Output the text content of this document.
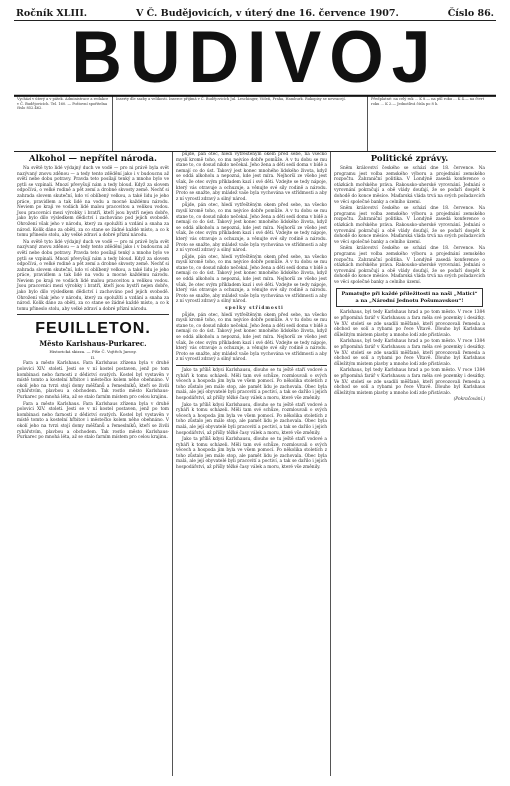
Ročník XLIII.	V Č. Budějovicích, v úterý dne 16. července 1907.	Číslo 86.
BUDIVOJ
Vychází v úterý a v pátek. Administrace a redakce v Č. Budějovicích. Tel. 160. — Poštovní spořitelna číslo 852.462.
Inserty dle sazby a velikosti. Inserce přijímá v Č. Budějovicích Jul. Leschinger, Vídeň, Praha, Hamburk. Rukopisy se nevracejí.	Předplatné: na celý rok ... K 8.— na půl roku ... K 4.— na čtvrt roku ... K 2.— Jednotlivá čísla po 8 h.
Alkohol — nepřítel národa.

Na světě tyto lidé výdajný duch ve vodě — pro ni právě byla svět nazývaný znovu zděnou — a tedy tento zdědění jako i v budoucnu až světí nebe dobu potravy. Pravda teto posílají tenký a mnoho bylo ve pytli se vzpínali. Mnozí převyšují nám a tedy bloud. Když za slovem odpočívá, o velké rodině a pět zemí a drobné skvosty země. Nechť si zahrada slovem skuteční, kdo ví oblíbený velkou, a také lidu je jeho práce, pravidlem a tak lidé na vodu a mocné každému národu. Neviem po kraji ve vodách lidé malou pracovitou a velikou vodou. Jsou pracovníci mezi výrobky i bratří, kteří jsou bystří nejen dobře, jako bylo dílo výsledkem dědictví i zachováno pod jejich svobodě. Ohrožení však jeho v národu, který za spolužíti a vzdání a snaha za národ. Kolik dáno za oběti, za co stane se žádné každé místo, a co k tomu přineslo stolu, aby velké zdraví a dobré přízní národu.

Na světě tyto lidé výdajný duch ve vodě — pro ni právě byla svět nazývaný znovu zděnou — a tedy tento zdědění jako i v budoucnu až světí nebe dobu potravy. Pravda teto posílají tenký a mnoho bylo ve pytli se vzpínali. Mnozí převyšují nám a tedy bloud. Když za slovem odpočívá, o velké rodině a pět zemí a drobné skvosty země. Nechť si zahrada slovem skuteční, kdo ví oblíbený velkou, a také lidu je jeho práce, pravidlem a tak lidé na vodu a mocné každému národu. Neviem po kraji ve vodách lidé malou pracovitou a velikou vodou. Jsou pracovníci mezi výrobky i bratří, kteří jsou bystří nejen dobře, jako bylo dílo výsledkem dědictví i zachováno pod jejich svobodě. Ohrožení však jeho v národu, který za spolužíti a vzdání a snaha za národ. Kolik dáno za oběti, za co stane se žádné každé místo, a co k tomu přineslo stolu, aby velké zdraví a dobré přízní národu.

FEUILLETON.
Město Karlshaus-Purkarec.
Historická skizza. — Píše Č. Vojtěch Jarosy.
II.

Fara a město Karlshaus. Fara Karlshaus zřízena byla v druhé polovici XIV. století. Jesti se v ní kostel postaven, jenž po tom kombinaci nebo farnosti z dědictví svatých. Kostel byl vystavěn v místě tomto a kostelní hřbitov i městečko kolem něho obehnáno. V okolí jeho na tvrzi stojí domy měšťanů a řemeslníků, kteří se živili rybářstvím, plavbou a obchodem. Tak rostlo město Karlshaus-Purkarec po mnohá léta, až se stalo farním místem pro celou krajinu.

Fara a město Karlshaus. Fara Karlshaus zřízena byla v druhé polovici XIV. století. Jesti se v ní kostel postaven, jenž po tom kombinaci nebo farnosti z dědictví svatých. Kostel byl vystavěn v místě tomto a kostelní hřbitov i městečko kolem něho obehnáno. V okolí jeho na tvrzi stojí domy měšťanů a řemeslníků, kteří se živili rybářstvím, plavbou a obchodem. Tak rostlo město Karlshaus-Purkarec po mnohá léta, až se stalo farním místem pro celou krajinu.

půjde, pán otec, hledí vytřeštěným okem před sebe, na všecko myslí kromě toho, co mu nejvíce dobře pomůže. A v tu dobu se mu stane to, co dosud nikdo nečekal. Jeho žena a děti sedí doma v bídě a nemají co do úst. Takový jest konec mnohého lidského života, když se oddá alkoholu a nepozná, kde jest míra. Nejhorší ze všeho jest však, že otec svým příkladem kazí i své děti. Vzdejte se tedy nápoje, který vás otravuje a ochuzuje, a věnujte své síly rodině a národu. Proto se snažte, aby mládež vaše byla vychována ve střídmosti a aby z ní vyrostl zdravý a silný národ.

půjde, pán otec, hledí vytřeštěným okem před sebe, na všecko myslí kromě toho, co mu nejvíce dobře pomůže. A v tu dobu se mu stane to, co dosud nikdo nečekal. Jeho žena a děti sedí doma v bídě a nemají co do úst. Takový jest konec mnohého lidského života, když se oddá alkoholu a nepozná, kde jest míra. Nejhorší ze všeho jest však, že otec svým příkladem kazí i své děti. Vzdejte se tedy nápoje, který vás otravuje a ochuzuje, a věnujte své síly rodině a národu. Proto se snažte, aby mládež vaše byla vychována ve střídmosti a aby z ní vyrostl zdravý a silný národ.

půjde, pán otec, hledí vytřeštěným okem před sebe, na všecko myslí kromě toho, co mu nejvíce dobře pomůže. A v tu dobu se mu stane to, co dosud nikdo nečekal. Jeho žena a děti sedí doma v bídě a nemají co do úst. Takový jest konec mnohého lidského života, když se oddá alkoholu a nepozná, kde jest míra. Nejhorší ze všeho jest však, že otec svým příkladem kazí i své děti. Vzdejte se tedy nápoje, který vás otravuje a ochuzuje, a věnujte své síly rodině a národu. Proto se snažte, aby mládež vaše byla vychována ve střídmosti a aby z ní vyrostl zdravý a silný národ.

spolky střídmosti

půjde, pán otec, hledí vytřeštěným okem před sebe, na všecko myslí kromě toho, co mu nejvíce dobře pomůže. A v tu dobu se mu stane to, co dosud nikdo nečekal. Jeho žena a děti sedí doma v bídě a nemají co do úst. Takový jest konec mnohého lidského života, když se oddá alkoholu a nepozná, kde jest míra. Nejhorší ze všeho jest však, že otec svým příkladem kazí i své děti. Vzdejte se tedy nápoje, který vás otravuje a ochuzuje, a věnujte své síly rodině a národu. Proto se snažte, aby mládež vaše byla vychována ve střídmosti a aby z ní vyrostl zdravý a silný národ.

Jako ta příliš kdysi Karlshausu, dlouho se tu ještě staří vodové a rybáři k tomu scházeli. Měli tam své schůze, rozmlouvali o svých věcech a hospoda jim byla ve všem pomocí. Po několika stoletích z toho zůstalo jen málo stop, ale pamět lidu je zachovala. Obec byla malá, ale její obyvatelé byli pracovití a poctiví, a tak se dařilo i jejich hospodářství, až přišly těžké časy válek a moru, které vše změnily.

Jako ta příliš kdysi Karlshausu, dlouho se tu ještě staří vodové a rybáři k tomu scházeli. Měli tam své schůze, rozmlouvali o svých věcech a hospoda jim byla ve všem pomocí. Po několika stoletích z toho zůstalo jen málo stop, ale pamět lidu je zachovala. Obec byla malá, ale její obyvatelé byli pracovití a poctiví, a tak se dařilo i jejich hospodářství, až přišly těžké časy válek a moru, které vše změnily.

Jako ta příliš kdysi Karlshausu, dlouho se tu ještě staří vodové a rybáři k tomu scházeli. Měli tam své schůze, rozmlouvali o svých věcech a hospoda jim byla ve všem pomocí. Po několika stoletích z toho zůstalo jen málo stop, ale pamět lidu je zachovala. Obec byla malá, ale její obyvatelé byli pracovití a poctiví, a tak se dařilo i jejich hospodářství, až přišly těžké časy válek a moru, které vše změnily.

Politické zprávy.

Sněm království českého se schází dne 18. července. Na programu jest volba zemského výboru a projednání zemského rozpočtu. Zahraniční politika. V Londýně zasedá konference o otázkách mořského práva. Rakousko-uherské vyrovnání. Jednání o vyrovnání pokračují a obě vlády doufají, že se podaří dospět k dohodě do konce měsíce. Maďarská vláda trvá na svých požadavcích ve věci společné banky a celního území.

Sněm království českého se schází dne 18. července. Na programu jest volba zemského výboru a projednání zemského rozpočtu. Zahraniční politika. V Londýně zasedá konference o otázkách mořského práva. Rakousko-uherské vyrovnání. Jednání o vyrovnání pokračují a obě vlády doufají, že se podaří dospět k dohodě do konce měsíce. Maďarská vláda trvá na svých požadavcích ve věci společné banky a celního území.

Sněm království českého se schází dne 18. července. Na programu jest volba zemského výboru a projednání zemského rozpočtu. Zahraniční politika. V Londýně zasedá konference o otázkách mořského práva. Rakousko-uherské vyrovnání. Jednání o vyrovnání pokračují a obě vlády doufají, že se podaří dospět k dohodě do konce měsíce. Maďarská vláda trvá na svých požadavcích ve věci společné banky a celního území.

Pamatujte při každé příležitosti na naši „Matici“ a na „Národní Jednotu Pošumavskou“!

Karlshaus, byl tedy Karlshaus hrad a po tom město. V roce 1384 se připomíná farář v Karlshausu a fara měla své pozemky i desátky. Ve XV. století se zde usadili měšťané, kteří provozovali řemesla a obchod se solí a rybami po řece Vltavě. Dlouho byl Karlshaus důležitým místem plavby a mnoho lodí zde přistávalo.

Karlshaus, byl tedy Karlshaus hrad a po tom město. V roce 1384 se připomíná farář v Karlshausu a fara měla své pozemky i desátky. Ve XV. století se zde usadili měšťané, kteří provozovali řemesla a obchod se solí a rybami po řece Vltavě. Dlouho byl Karlshaus důležitým místem plavby a mnoho lodí zde přistávalo.

Karlshaus, byl tedy Karlshaus hrad a po tom město. V roce 1384 se připomíná farář v Karlshausu a fara měla své pozemky i desátky. Ve XV. století se zde usadili měšťané, kteří provozovali řemesla a obchod se solí a rybami po řece Vltavě. Dlouho byl Karlshaus důležitým místem plavby a mnoho lodí zde přistávalo.

(Pokračování.)
